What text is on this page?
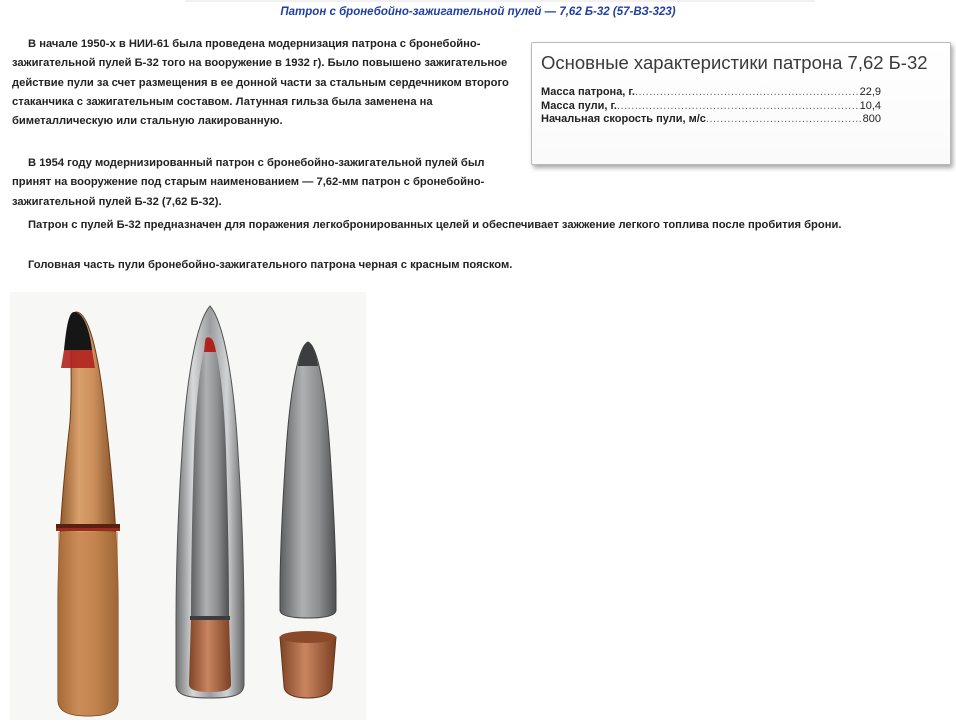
Патрон с бронебойно-зажигательной пулей — 7,62 Б-32 (57-ВЗ-323)

В начале 1950-х в НИИ-61 была проведена модернизация патрона с бронебойно-зажигательной пулей Б-32 того на вооружение в 1932 г). Было повышено зажигательное действие пули за счет размещения в ее донной части за стальным сердечником второго стаканчика с зажигательным составом. Латунная гильза была заменена на биметаллическую или стальную лакированную.

В 1954 году модернизированный патрон с бронебойно-зажигательной пулей был принят на вооружение под старым наименованием — 7,62-мм патрон с бронебойно-зажигательной пулей Б-32 (7,62 Б-32).

Патрон с пулей Б-32 предназначен для поражения легкобронированных целей и обеспечивает зажжение легкого топлива после пробития брони.

Головная часть пули бронебойно-зажигательного патрона черная с красным пояском.

Основные характеристики патрона 7,62 Б-32
Масса патрона, г. .....	22,9
Масса пули, г. .....	10,4
Начальная скорость пули, м/с .....	800
